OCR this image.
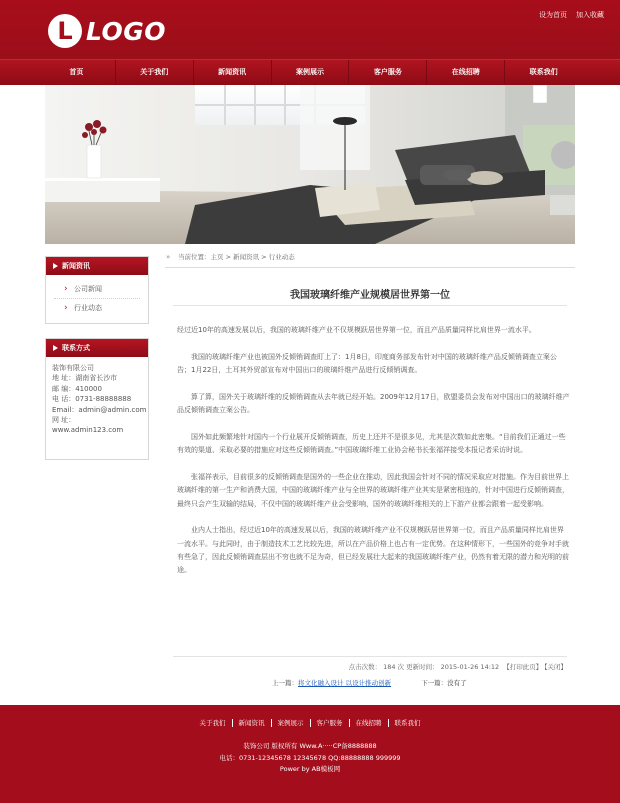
L LOGO
设为首页 加入收藏
首页	关于我们	新闻资讯	案例展示	客户服务	在线招聘	联系我们
新闻资讯
› 公司新闻
› 行业动态
联系方式
装饰有限公司
地 址：湖南省长沙市
邮 编：410000
电 话：0731-88888888
Email：admin@admin.com
网 址：
www.admin123.com
» 当前位置：主页 > 新闻资讯 > 行业动态
我国玻璃纤维产业规模居世界第一位

经过近10年的高速发展以后，我国的玻璃纤维产业不仅规模跃居世界第一位，而且产品质量同样比肩世界一流水平。

我国的玻璃纤维产业也被国外反倾销调查盯上了：1月8日，印度商务部发布针对中国的玻璃纤维产品反倾销调查立案公告；1月22日，土耳其外贸部宣布对中国出口的玻璃纤维产品进行反倾销调查。

算了算，国外关于玻璃纤维的反倾销调查从去年就已经开始。2009年12月17日，欧盟委员会发布对中国出口的玻璃纤维产品反倾销调查立案公告。

国外如此频繁地针对国内一个行业展开反倾销调查，历史上还并不是很多见，尤其是次数如此密集。“目前我们正通过一些有效的渠道、采取必要的措施应对这些反倾销调查。”中国玻璃纤维工业协会秘书长张福祥接受本报记者采访时说。

张福祥表示，目前很多的反倾销调查是国外的一些企业在推动，因此我国会针对不同的情况采取应对措施。作为目前世界上玻璃纤维的第一生产和消费大国，中国的玻璃纤维产业与全世界的玻璃纤维产业其实是紧密相连的，针对中国进行反倾销调查，最终只会产生双输的结局，不仅中国的玻璃纤维产业会受影响，国外的玻璃纤维相关的上下游产业都会跟着一起受影响。

业内人士指出，经过近10年的高速发展以后，我国的玻璃纤维产业不仅规模跃居世界第一位，而且产品质量同样比肩世界一流水平。与此同时，由于制造技术工艺比较先进，所以在产品价格上也占有一定优势。在这种情形下，一些国外的竞争对手就有些急了，因此反倾销调查层出不穷也就不足为奇，但已经发展壮大起来的我国玻璃纤维产业，仍然有着无限的潜力和光明的前途。

点击次数： 184 次 更新时间： 2015-01-26 14:12 【打印此页】 【关闭】
上一篇：将文化融入设计 以设计推动创新	下一篇：没有了
关于我们	新闻资讯	案例展示	客户服务	在线招聘	联系我们
装饰公司 版权所有 Www.A·····CP备8888888
电话：0731-12345678 12345678 QQ:88888888 999999
Power by AB模板网
